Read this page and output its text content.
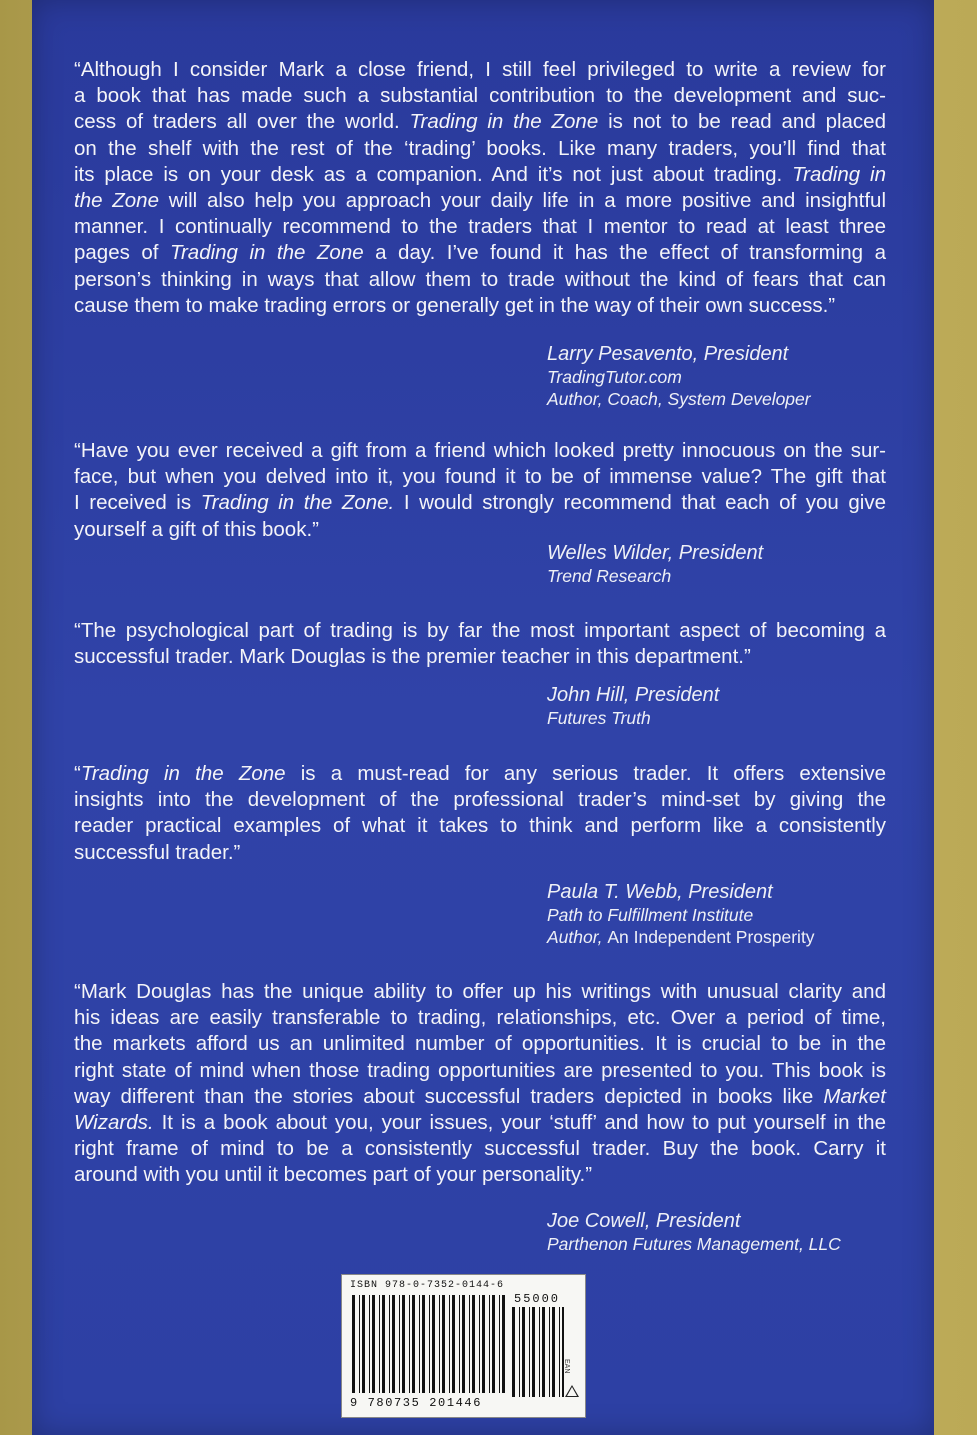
“Although I consider Mark a close friend, I still feel privileged to write a review for
a book that has made such a substantial contribution to the development and suc-
cess of traders all over the world. Trading in the Zone is not to be read and placed
on the shelf with the rest of the ‘trading’ books. Like many traders, you’ll find that
its place is on your desk as a companion. And it’s not just about trading. Trading in
the Zone will also help you approach your daily life in a more positive and insightful
manner. I continually recommend to the traders that I mentor to read at least three
pages of Trading in the Zone a day. I’ve found it has the effect of transforming a
person’s thinking in ways that allow them to trade without the kind of fears that can
cause them to make trading errors or generally get in the way of their own success.”
Larry Pesavento, President
TradingTutor.com
Author, Coach, System Developer
“Have you ever received a gift from a friend which looked pretty innocuous on the sur-
face, but when you delved into it, you found it to be of immense value? The gift that
I received is Trading in the Zone. I would strongly recommend that each of you give
yourself a gift of this book.”
Welles Wilder, President
Trend Research
“The psychological part of trading is by far the most important aspect of becoming a
successful trader. Mark Douglas is the premier teacher in this department.”
John Hill, President
Futures Truth
“Trading in the Zone is a must-read for any serious trader. It offers extensive
insights into the development of the professional trader’s mind-set by giving the
reader practical examples of what it takes to think and perform like a consistently
successful trader.”
Paula T. Webb, President
Path to Fulfillment Institute
Author, An Independent Prosperity
“Mark Douglas has the unique ability to offer up his writings with unusual clarity and
his ideas are easily transferable to trading, relationships, etc. Over a period of time,
the markets afford us an unlimited number of opportunities. It is crucial to be in the
right state of mind when those trading opportunities are presented to you. This book is
way different than the stories about successful traders depicted in books like Market
Wizards. It is a book about you, your issues, your ‘stuff’ and how to put yourself in the
right frame of mind to be a consistently successful trader. Buy the book. Carry it
around with you until it becomes part of your personality.”
Joe Cowell, President
Parthenon Futures Management, LLC
ISBN 978-0-7352-0144-6
55000
9 780735 201446
EAN
